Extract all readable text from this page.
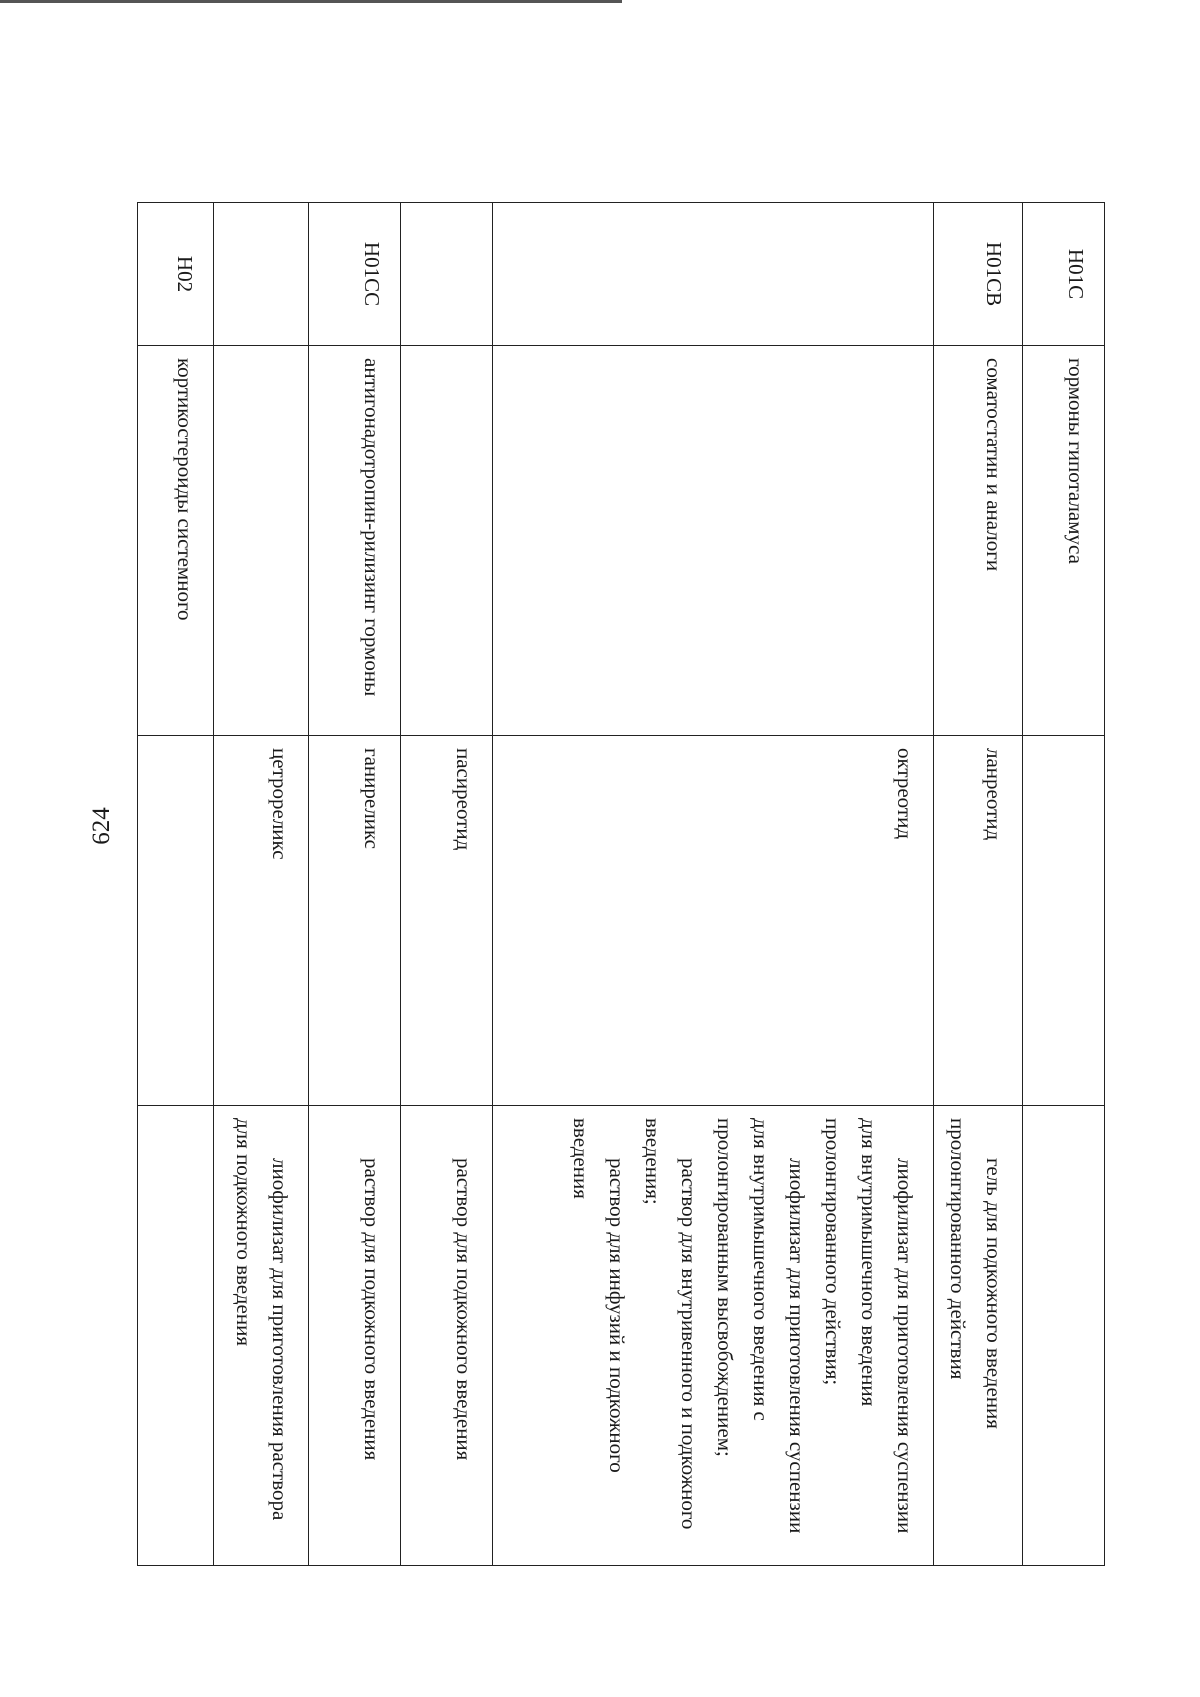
624
H01C	гормоны гипоталамуса		
H01CB	соматостатин и аналоги	ланреотид	гель для подкожного введения пролонгированного действия

		октреотид	лиофилизат для приготовления суспензии для внутримышечного введения пролонгированного действия;
лиофилизат для приготовления суспензии для внутримышечного введения с пролонгированным высвобождением;
раствор для внутривенного и подкожного введения;
раствор для инфузий и подкожного введения

		пасиреотид	раствор для подкожного введения

H01CC	антигонадотропин-рилизинг гормоны	ганиреликс	раствор для подкожного введения

		цетрореликс	лиофилизат для приготовления раствора для подкожного введения

H02	кортикостероиды системного		
